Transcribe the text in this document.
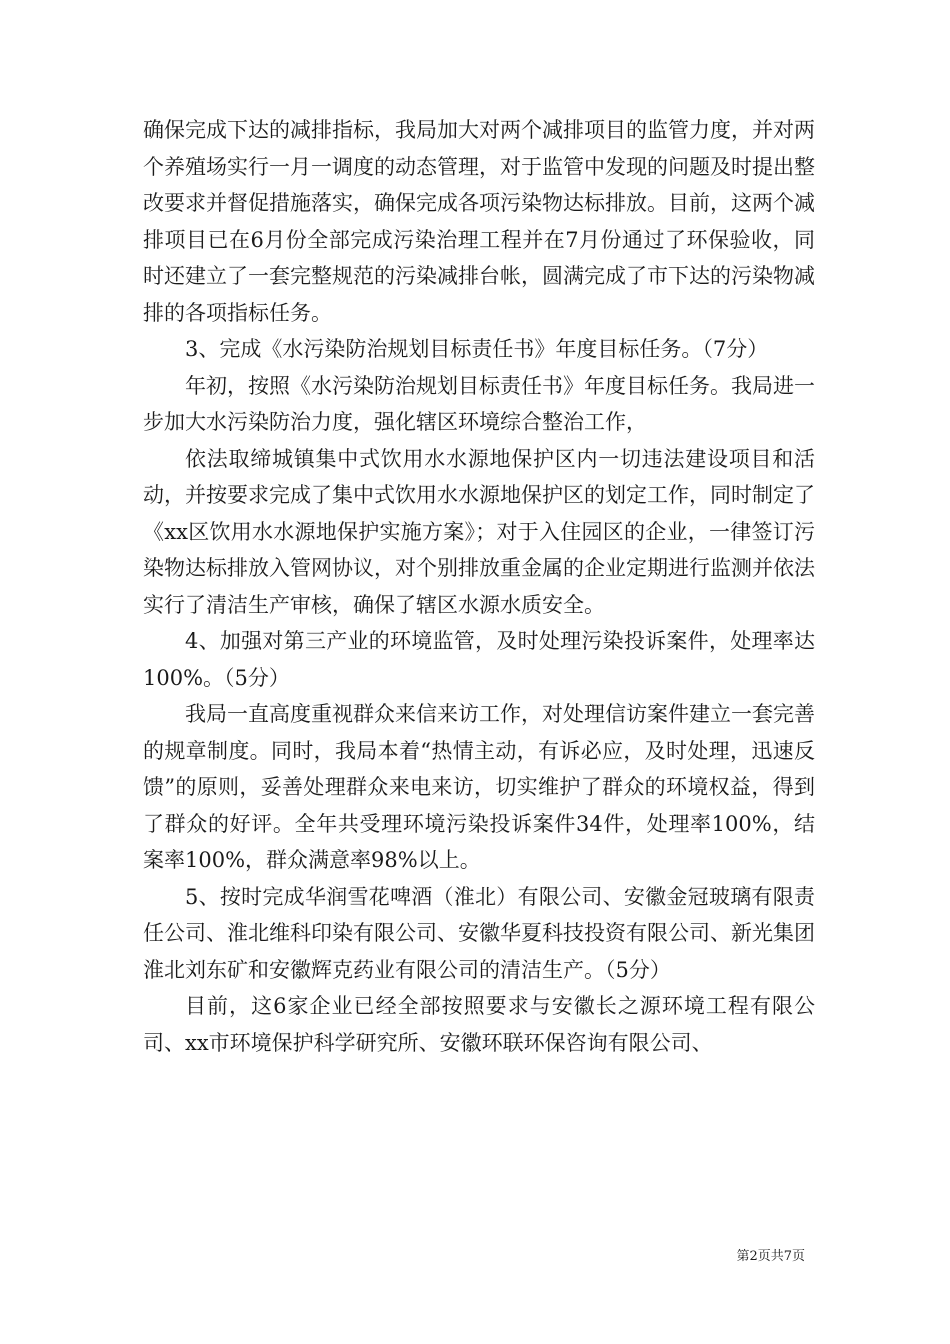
确保完成下达的减排指标，我局加大对两个减排项目的监管力度，并对两个养殖场实行一月一调度的动态管理，对于监管中发现的问题及时提出整改要求并督促措施落实，确保完成各项污染物达标排放。目前，这两个减排项目已在6月份全部完成污染治理工程并在7月份通过了环保验收，同时还建立了一套完整规范的污染减排台帐，圆满完成了市下达的污染物减排的各项指标任务。

3、完成《水污染防治规划目标责任书》年度目标任务。（7分）

年初，按照《水污染防治规划目标责任书》年度目标任务。我局进一步加大水污染防治力度，强化辖区环境综合整治工作，

依法取缔城镇集中式饮用水水源地保护区内一切违法建设项目和活动，并按要求完成了集中式饮用水水源地保护区的划定工作，同时制定了《xx区饮用水水源地保护实施方案》；对于入住园区的企业，一律签订污染物达标排放入管网协议，对个别排放重金属的企业定期进行监测并依法实行了清洁生产审核，确保了辖区水源水质安全。

4、加强对第三产业的环境监管，及时处理污染投诉案件，处理率达100%。（5分）

我局一直高度重视群众来信来访工作，对处理信访案件建立一套完善的规章制度。同时，我局本着“热情主动，有诉必应，及时处理，迅速反馈”的原则，妥善处理群众来电来访，切实维护了群众的环境权益，得到了群众的好评。全年共受理环境污染投诉案件34件，处理率100%，结案率100%，群众满意率98%以上。

5、按时完成华润雪花啤酒（淮北）有限公司、安徽金冠玻璃有限责任公司、淮北维科印染有限公司、安徽华夏科技投资有限公司、新光集团淮北刘东矿和安徽辉克药业有限公司的清洁生产。（5分）

目前，这6家企业已经全部按照要求与安徽长之源环境工程有限公司、xx市环境保护科学研究所、安徽环联环保咨询有限公司、

第2页共7页
